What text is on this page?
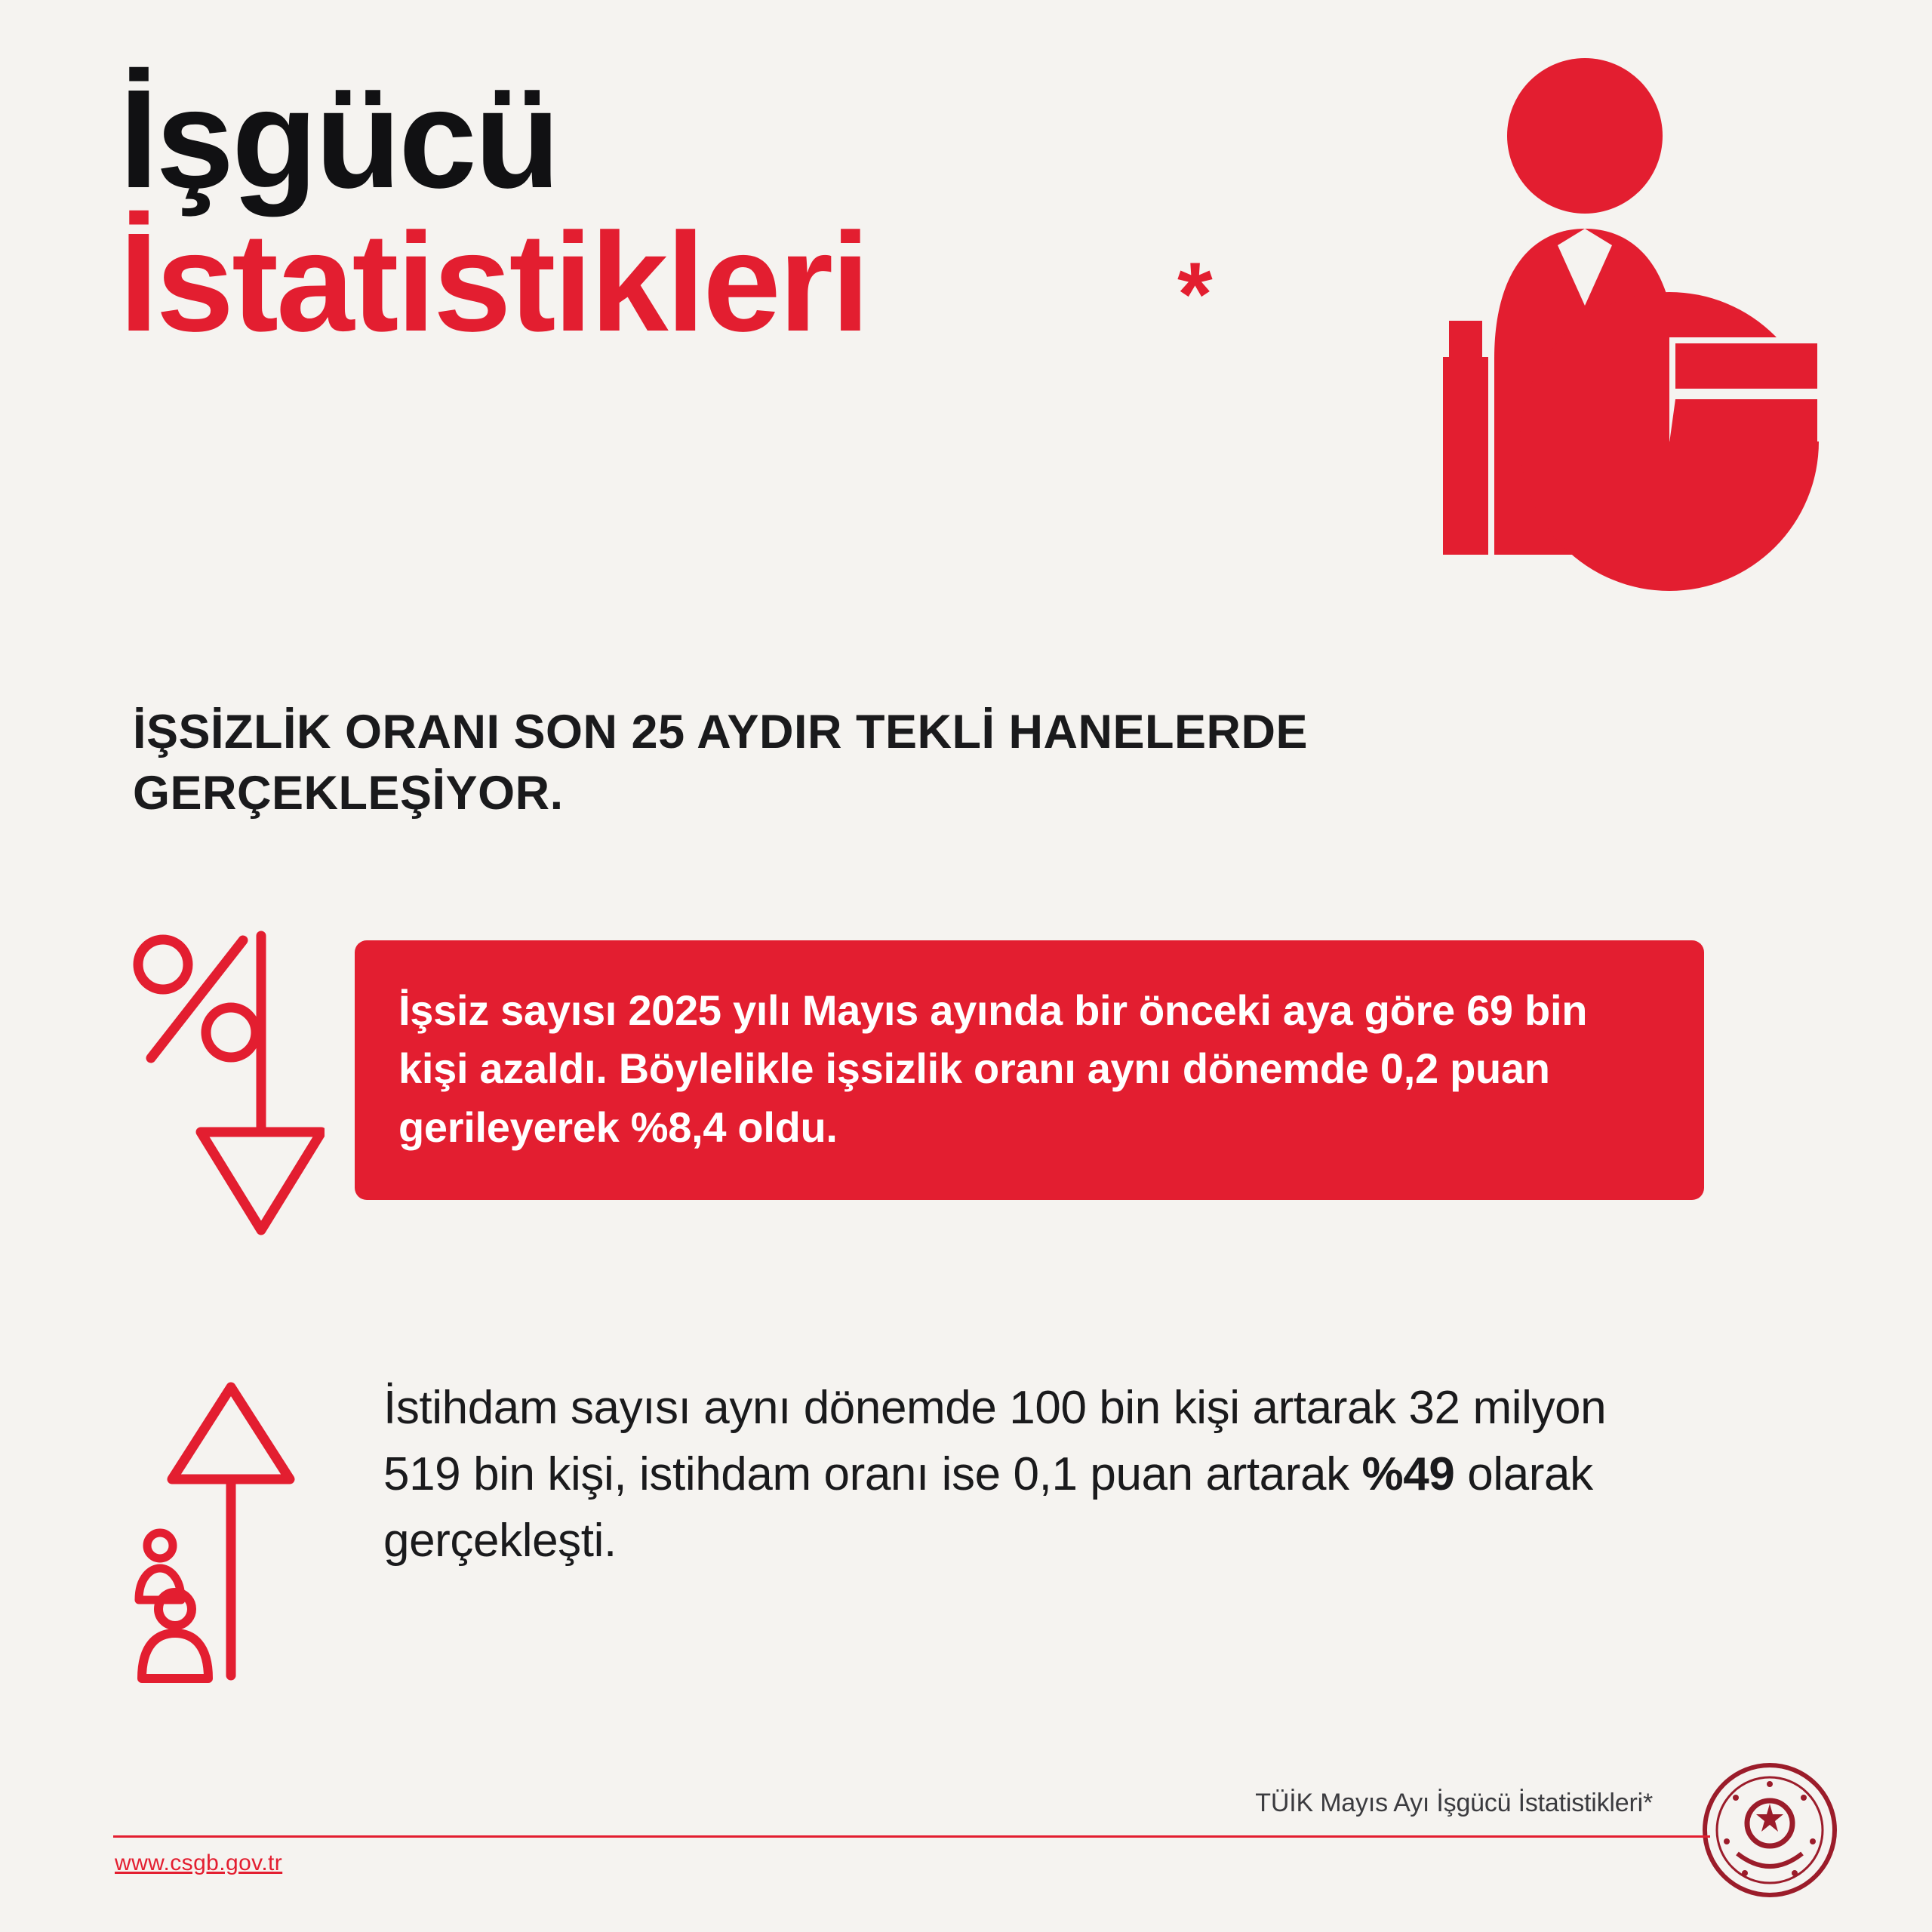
İşgücü
İstatistikleri	*
İŞSİZLİK ORANI SON 25 AYDIR TEKLİ HANELERDE GERÇEKLEŞİYOR.

İşsiz sayısı 2025 yılı Mayıs ayında bir önceki aya göre 69 bin kişi azaldı. Böylelikle işsizlik oranı aynı dönemde 0,2 puan gerileyerek %8,4 oldu.

İstihdam sayısı aynı dönemde 100 bin kişi artarak 32 milyon 519 bin kişi, istihdam oranı ise 0,1 puan artarak %49 olarak gerçekleşti.
TÜİK Mayıs Ayı İşgücü İstatistikleri*
www.csgb.gov.tr
